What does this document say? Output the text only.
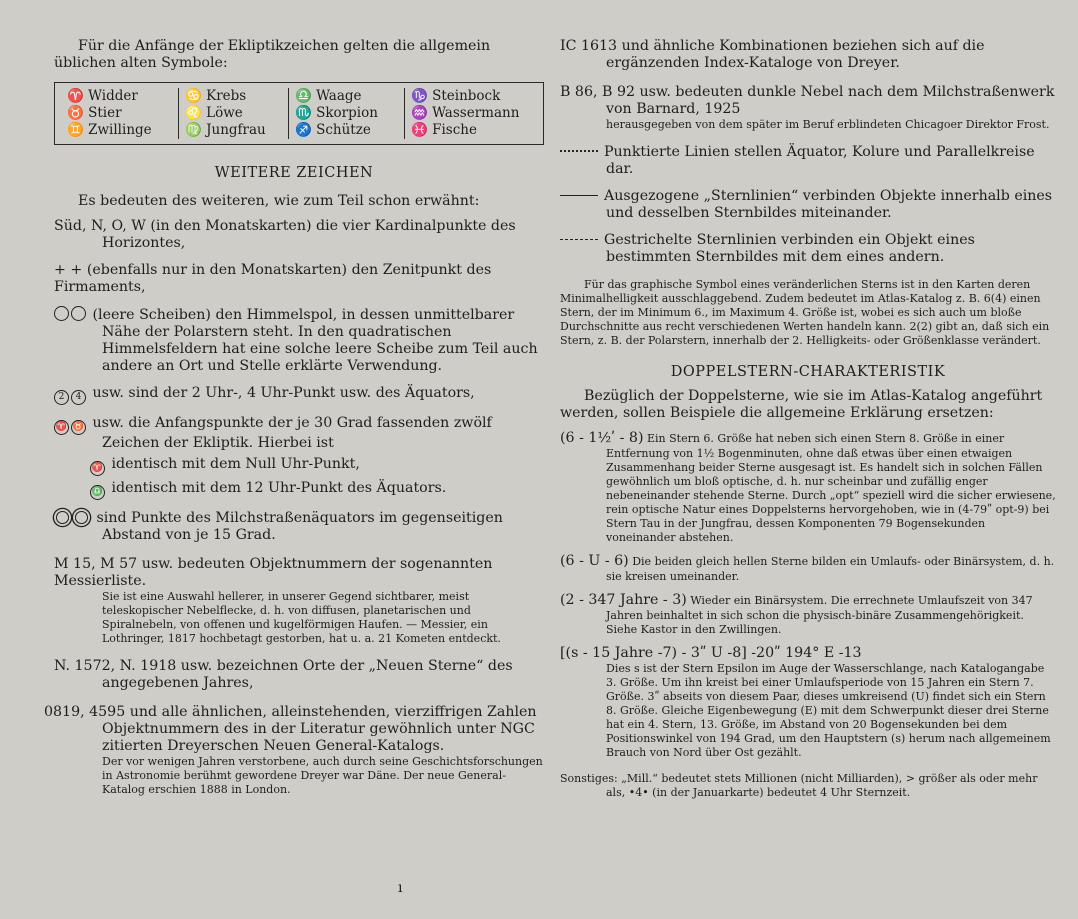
Für die Anfänge der Ekliptikzeichen gelten die allgemein üblichen alten Symbole:

♈ Widder
♉ Stier
♊ Zwillinge
♋ Krebs
♌ Löwe
♍ Jungfrau
♎ Waage
♏ Skorpion
♐ Schütze
♑ Steinbock
♒ Wassermann
♓ Fische

WEITERE ZEICHEN

Es bedeuten des weiteren, wie zum Teil schon erwähnt:

Süd, N, O, W (in den Monatskarten) die vier Kardinalpunkte des Horizontes,

+ + (ebenfalls nur in den Monatskarten) den Zenitpunkt des Firmaments,

(leere Scheiben) den Himmelspol, in dessen unmittelbarer Nähe der Polarstern steht. In den quadratischen Himmelsfeldern hat eine solche leere Scheibe zum Teil auch andere an Ort und Stelle erklärte Verwendung.

2 4 usw. sind der 2 Uhr-, 4 Uhr-Punkt usw. des Äquators,

♈ ♉ usw. die Anfangspunkte der je 30 Grad fassenden zwölf Zeichen der Ekliptik. Hierbei ist

♈ identisch mit dem Null Uhr-Punkt,

♎ identisch mit dem 12 Uhr-Punkt des Äquators.

sind Punkte des Milchstraßenäquators im gegenseitigen Abstand von je 15 Grad.

M 15, M 57 usw. bedeuten Objektnummern der sogenannten Messierliste.

Sie ist eine Auswahl hellerer, in unserer Gegend sichtbarer, meist teleskopischer Nebelflecke, d. h. von diffusen, planetarischen und Spiralnebeln, von offenen und kugelförmigen Haufen. — Messier, ein Lothringer, 1817 hochbetagt gestorben, hat u. a. 21 Kometen entdeckt.

N. 1572, N. 1918 usw. bezeichnen Orte der „Neuen Sterne“ des angegebenen Jahres,

0819, 4595 und alle ähnlichen, alleinstehenden, vierziffrigen Zahlen Objektnummern des in der Literatur gewöhnlich unter NGC zitierten Dreyerschen Neuen General-Katalogs.

Der vor wenigen Jahren verstorbene, auch durch seine Geschichtsforschungen in Astronomie berühmt gewordene Dreyer war Däne. Der neue General-Katalog erschien 1888 in London.

IC 1613 und ähnliche Kombinationen beziehen sich auf die ergänzenden Index-Kataloge von Dreyer.

B 86, B 92 usw. bedeuten dunkle Nebel nach dem Milchstraßenwerk von Barnard, 1925

herausgegeben von dem später im Beruf erblindeten Chicagoer Direktor Frost.

Punktierte Linien stellen Äquator, Kolure und Parallelkreise dar.

Ausgezogene „Sternlinien“ verbinden Objekte innerhalb eines und desselben Sternbildes miteinander.

Gestrichelte Sternlinien verbinden ein Objekt eines bestimmten Sternbildes mit dem eines andern.

Für das graphische Symbol eines veränderlichen Sterns ist in den Karten deren Minimalhelligkeit ausschlaggebend. Zudem bedeutet im Atlas-Katalog z. B. 6(4) einen Stern, der im Minimum 6., im Maximum 4. Größe ist, wobei es sich auch um bloße Durchschnitte aus recht verschiedenen Werten handeln kann. 2(2) gibt an, daß sich ein Stern, z. B. der Polarstern, innerhalb der 2. Helligkeits- oder Größenklasse verändert.

DOPPELSTERN-CHARAKTERISTIK

Bezüglich der Doppelsterne, wie sie im Atlas-Katalog angeführt werden, sollen Beispiele die allgemeine Erklärung ersetzen:

(6 - 1½ʹ - 8) Ein Stern 6. Größe hat neben sich einen Stern 8. Größe in einer Entfernung von 1½ Bogenminuten, ohne daß etwas über einen etwaigen Zusammenhang beider Sterne ausgesagt ist. Es handelt sich in solchen Fällen gewöhnlich um bloß optische, d. h. nur scheinbar und zufällig enger nebeneinander stehende Sterne. Durch „opt“ speziell wird die sicher erwiesene, rein optische Natur eines Doppelsterns hervorgehoben, wie in (4-79ʺ opt-9) bei Stern Tau in der Jungfrau, dessen Komponenten 79 Bogensekunden voneinander abstehen.

(6 - U - 6) Die beiden gleich hellen Sterne bilden ein Umlaufs- oder Binärsystem, d. h. sie kreisen umeinander.

(2 - 347 Jahre - 3) Wieder ein Binärsystem. Die errechnete Umlaufszeit von 347 Jahren beinhaltet in sich schon die physisch-binäre Zusammengehörigkeit. Siehe Kastor in den Zwillingen.

[(s - 15 Jahre -7) - 3ʺ U -8] -20ʺ 194° E -13

Dies s ist der Stern Epsilon im Auge der Wasserschlange, nach Katalogangabe 3. Größe. Um ihn kreist bei einer Umlaufsperiode von 15 Jahren ein Stern 7. Größe. 3ʺ abseits von diesem Paar, dieses umkreisend (U) findet sich ein Stern 8. Größe. Gleiche Eigenbewegung (E) mit dem Schwerpunkt dieser drei Sterne hat ein 4. Stern, 13. Größe, im Abstand von 20 Bogensekunden bei dem Positionswinkel von 194 Grad, um den Hauptstern (s) herum nach allgemeinem Brauch von Nord über Ost gezählt.

Sonstiges: „Mill.“ bedeutet stets Millionen (nicht Milliarden), > größer als oder mehr als, •4• (in der Januarkarte) bedeutet 4 Uhr Sternzeit.

ı
